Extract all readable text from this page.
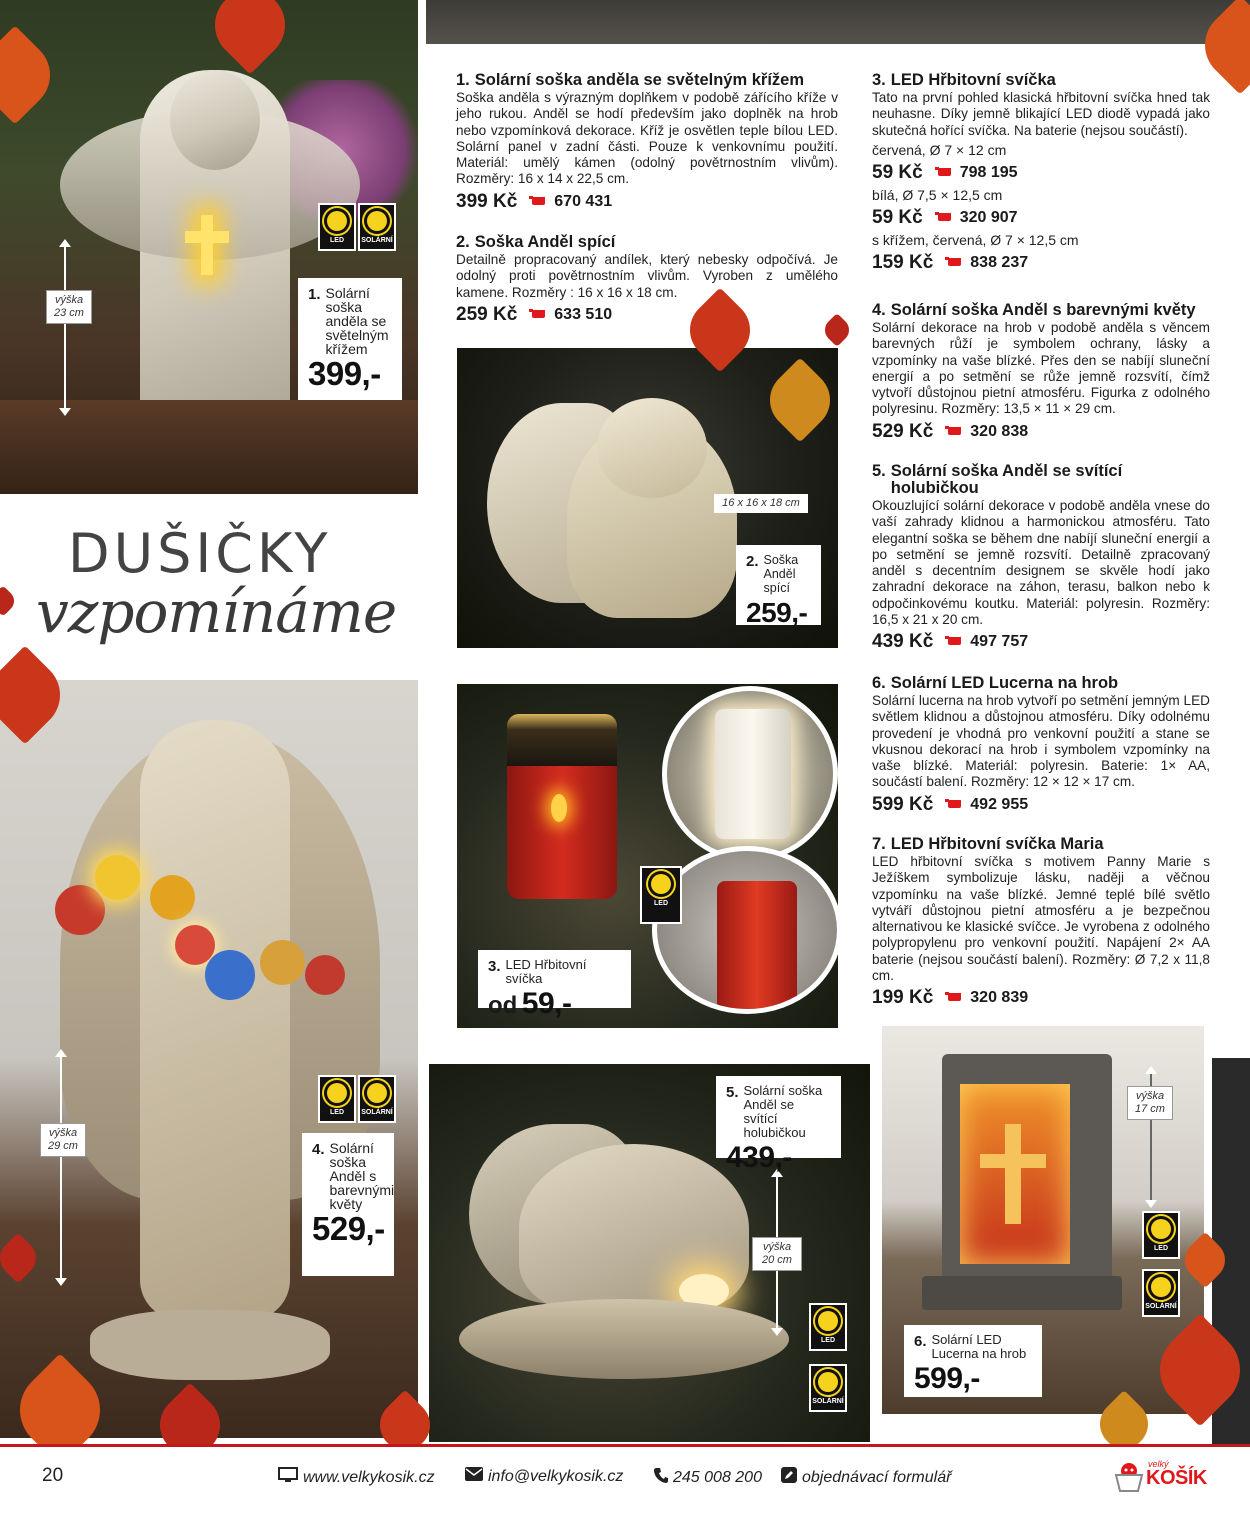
LED	SOLÁRNÍ
výška 23 cm
1. Solární soška anděla se světelným křížem
399,-
DUŠIČKY
vzpomínáme
LED	SOLÁRNÍ
výška 29 cm	4. Solární soška Anděl s barevnými květy
529,-
16 x 16 x 18 cm
2. Soška Anděl spící
259,-
LED
3. LED Hřbitovní svíčka
od 59,-
LED
SOLÁRNÍ
výška 20 cm
5. Solární soška Anděl se svítící holubičkou
439,-
LED
SOLÁRNÍ
výška 17 cm
6. Solární LED Lucerna na hrob
599,-
1. Solární soška anděla se světelným křížem

Soška anděla s výrazným doplňkem v podobě zářícího kříže v jeho rukou. Anděl se hodí především jako doplněk na hrob nebo vzpomínková dekorace. Kříž je osvětlen teple bílou LED. Solární panel v zadní části. Pouze k venkovnímu použití. Materiál: umělý kámen (odolný povětrnostním vlivům). Rozměry: 16 x 14 x 22,5 cm.

399 Kč 670 431
2. Soška Anděl spící

Detailně propracovaný andílek, který nebesky odpočívá. Je odolný proti povětrnostním vlivům. Vyroben z umělého kamene. Rozměry : 16 x 16 x 18 cm.

259 Kč 633 510
3. LED Hřbitovní svíčka

Tato na první pohled klasická hřbitovní svíčka hned tak neuhasne. Díky jemně blikající LED diodě vypadá jako skutečná hořící svíčka. Na baterie (nejsou součástí).

červená, Ø 7 × 12 cm
59 Kč 798 195
bílá, Ø 7,5 × 12,5 cm
59 Kč 320 907
s křížem, červená, Ø 7 × 12,5 cm
159 Kč 838 237
4. Solární soška Anděl s barevnými květy

Solární dekorace na hrob v podobě anděla s věncem barevných růží je symbolem ochrany, lásky a vzpomínky na vaše blízké. Přes den se nabíjí sluneční energií a po setmění se růže jemně rozsvítí, čímž vytvoří důstojnou pietní atmosféru. Figurka z odolného polyresinu. Rozměry: 13,5 × 11 × 29 cm.

529 Kč 320 838
5. Solární soška Anděl se svítící holubičkou

Okouzlující solární dekorace v podobě anděla vnese do vaší zahrady klidnou a harmonickou atmosféru. Tato elegantní soška se během dne nabíjí sluneční energií a po setmění se jemně rozsvítí. Detailně zpracovaný anděl s decentním designem se skvěle hodí jako zahradní dekorace na záhon, terasu, balkon nebo k odpočinkovému koutku. Materiál: polyresin. Rozměry: 16,5 x 21 x 20 cm.

439 Kč 497 757
6. Solární LED Lucerna na hrob

Solární lucerna na hrob vytvoří po setmění jemným LED světlem klidnou a důstojnou atmosféru. Díky odolnému provedení je vhodná pro venkovní použití a stane se vkusnou dekorací na hrob i symbolem vzpomínky na vaše blízké. Materiál: polyresin. Baterie: 1× AA, součástí balení. Rozměry: 12 × 12 × 17 cm.

599 Kč 492 955
7. LED Hřbitovní svíčka Maria

LED hřbitovní svíčka s motivem Panny Marie s Ježíškem symbolizuje lásku, naději a věčnou vzpomínku na vaše blízké. Jemné teplé bílé světlo vytváří důstojnou pietní atmosféru a je bezpečnou alternativou ke klasické svíčce. Je vyrobena z odolného polypropylenu pro venkovní použití. Napájení 2× AA baterie (nejsou součástí balení). Rozměry: Ø 7,2 x 11,8 cm.

199 Kč 320 839
20	www.velkykosik.cz	info@velkykosik.cz	245 008 200	objednávací formulář
velký
KOŠÍK
